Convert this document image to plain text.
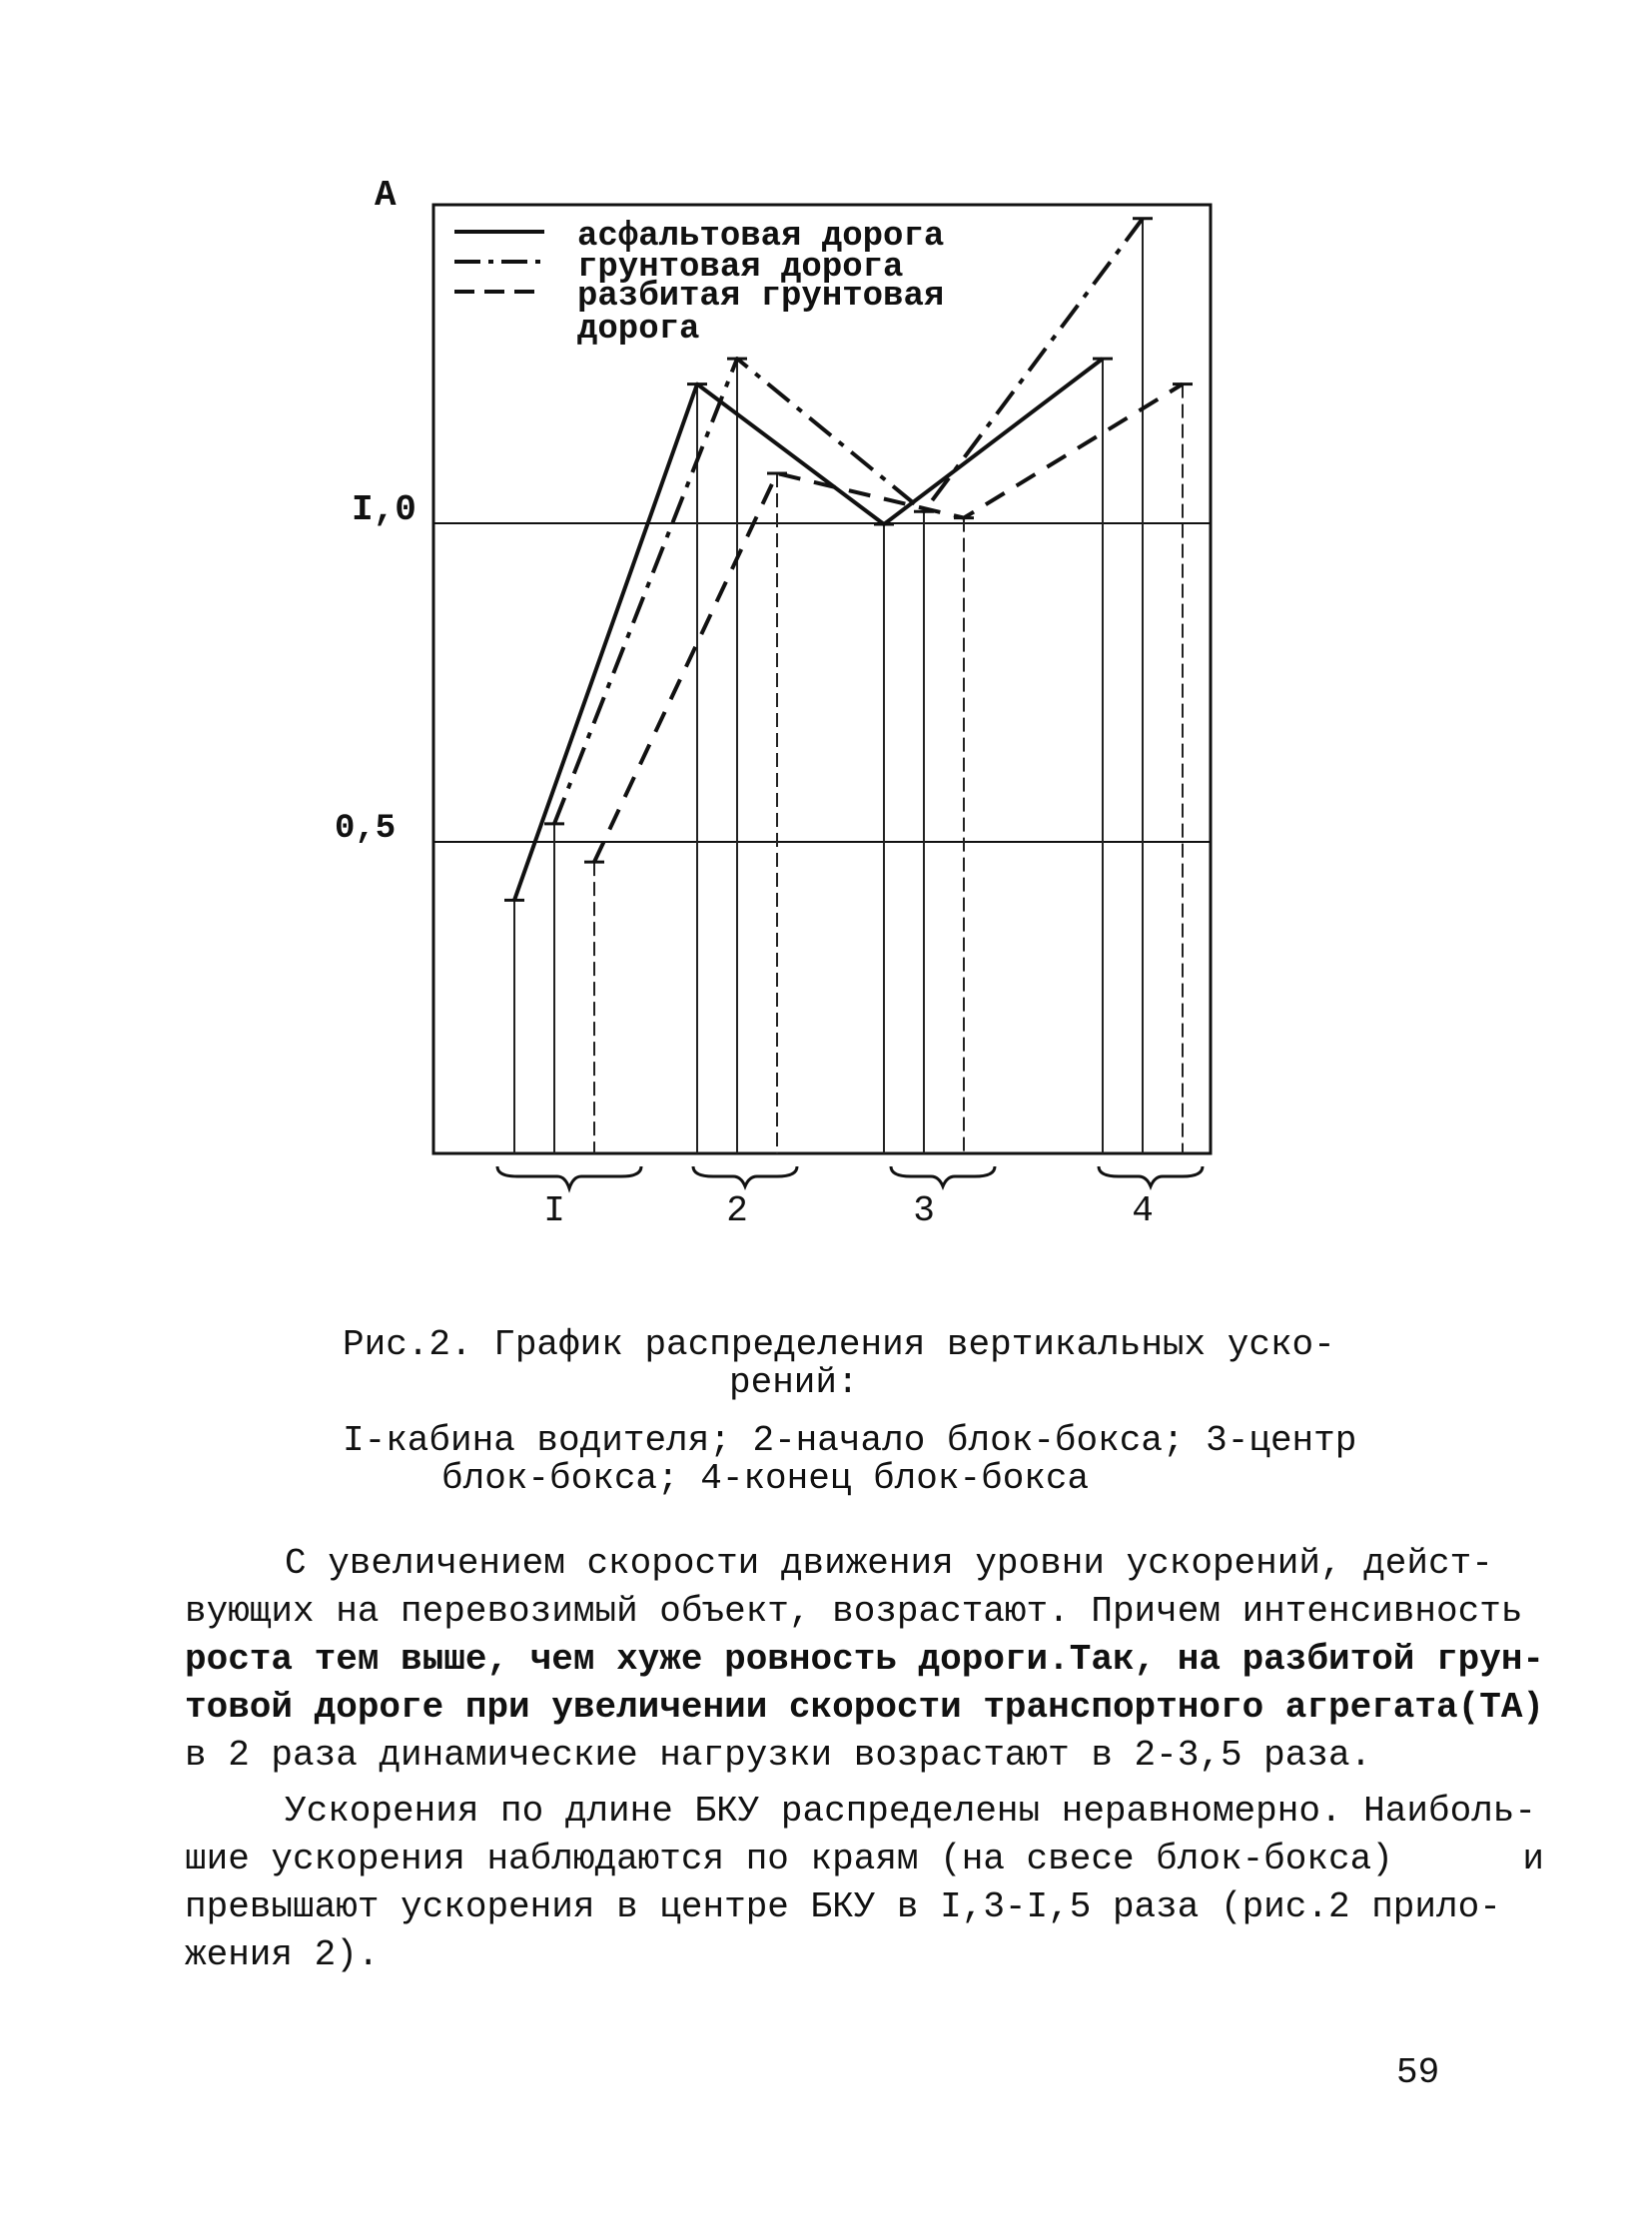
А
I,0
0,5
асфальтовая дорога
грунтовая дорога
разбитая грунтовая
дорога
I	2	3	4
Рис.2. График распределения вертикальных уско-
рений:
I-кабина водителя; 2-начало блок-бокса; 3-центр
блок-бокса; 4-конец блок-бокса

С увеличением скорости движения уровни ускорений, дейст-
вующих на перевозимый объект, возрастают. Причем интенсивность
роста тем выше, чем хуже ровность дороги.Так, на разбитой грун-
товой дороге при увеличении скорости транспортного агрегата(ТА)
в 2 раза динамические нагрузки возрастают в 2-3,5 раза.

Ускорения по длине БКУ распределены неравномерно. Наиболь-
шие ускорения наблюдаются по краям (на свесе блок-бокса)      и
превышают ускорения в центре БКУ в I,3-I,5 раза (рис.2 прило-
жения 2).

59
